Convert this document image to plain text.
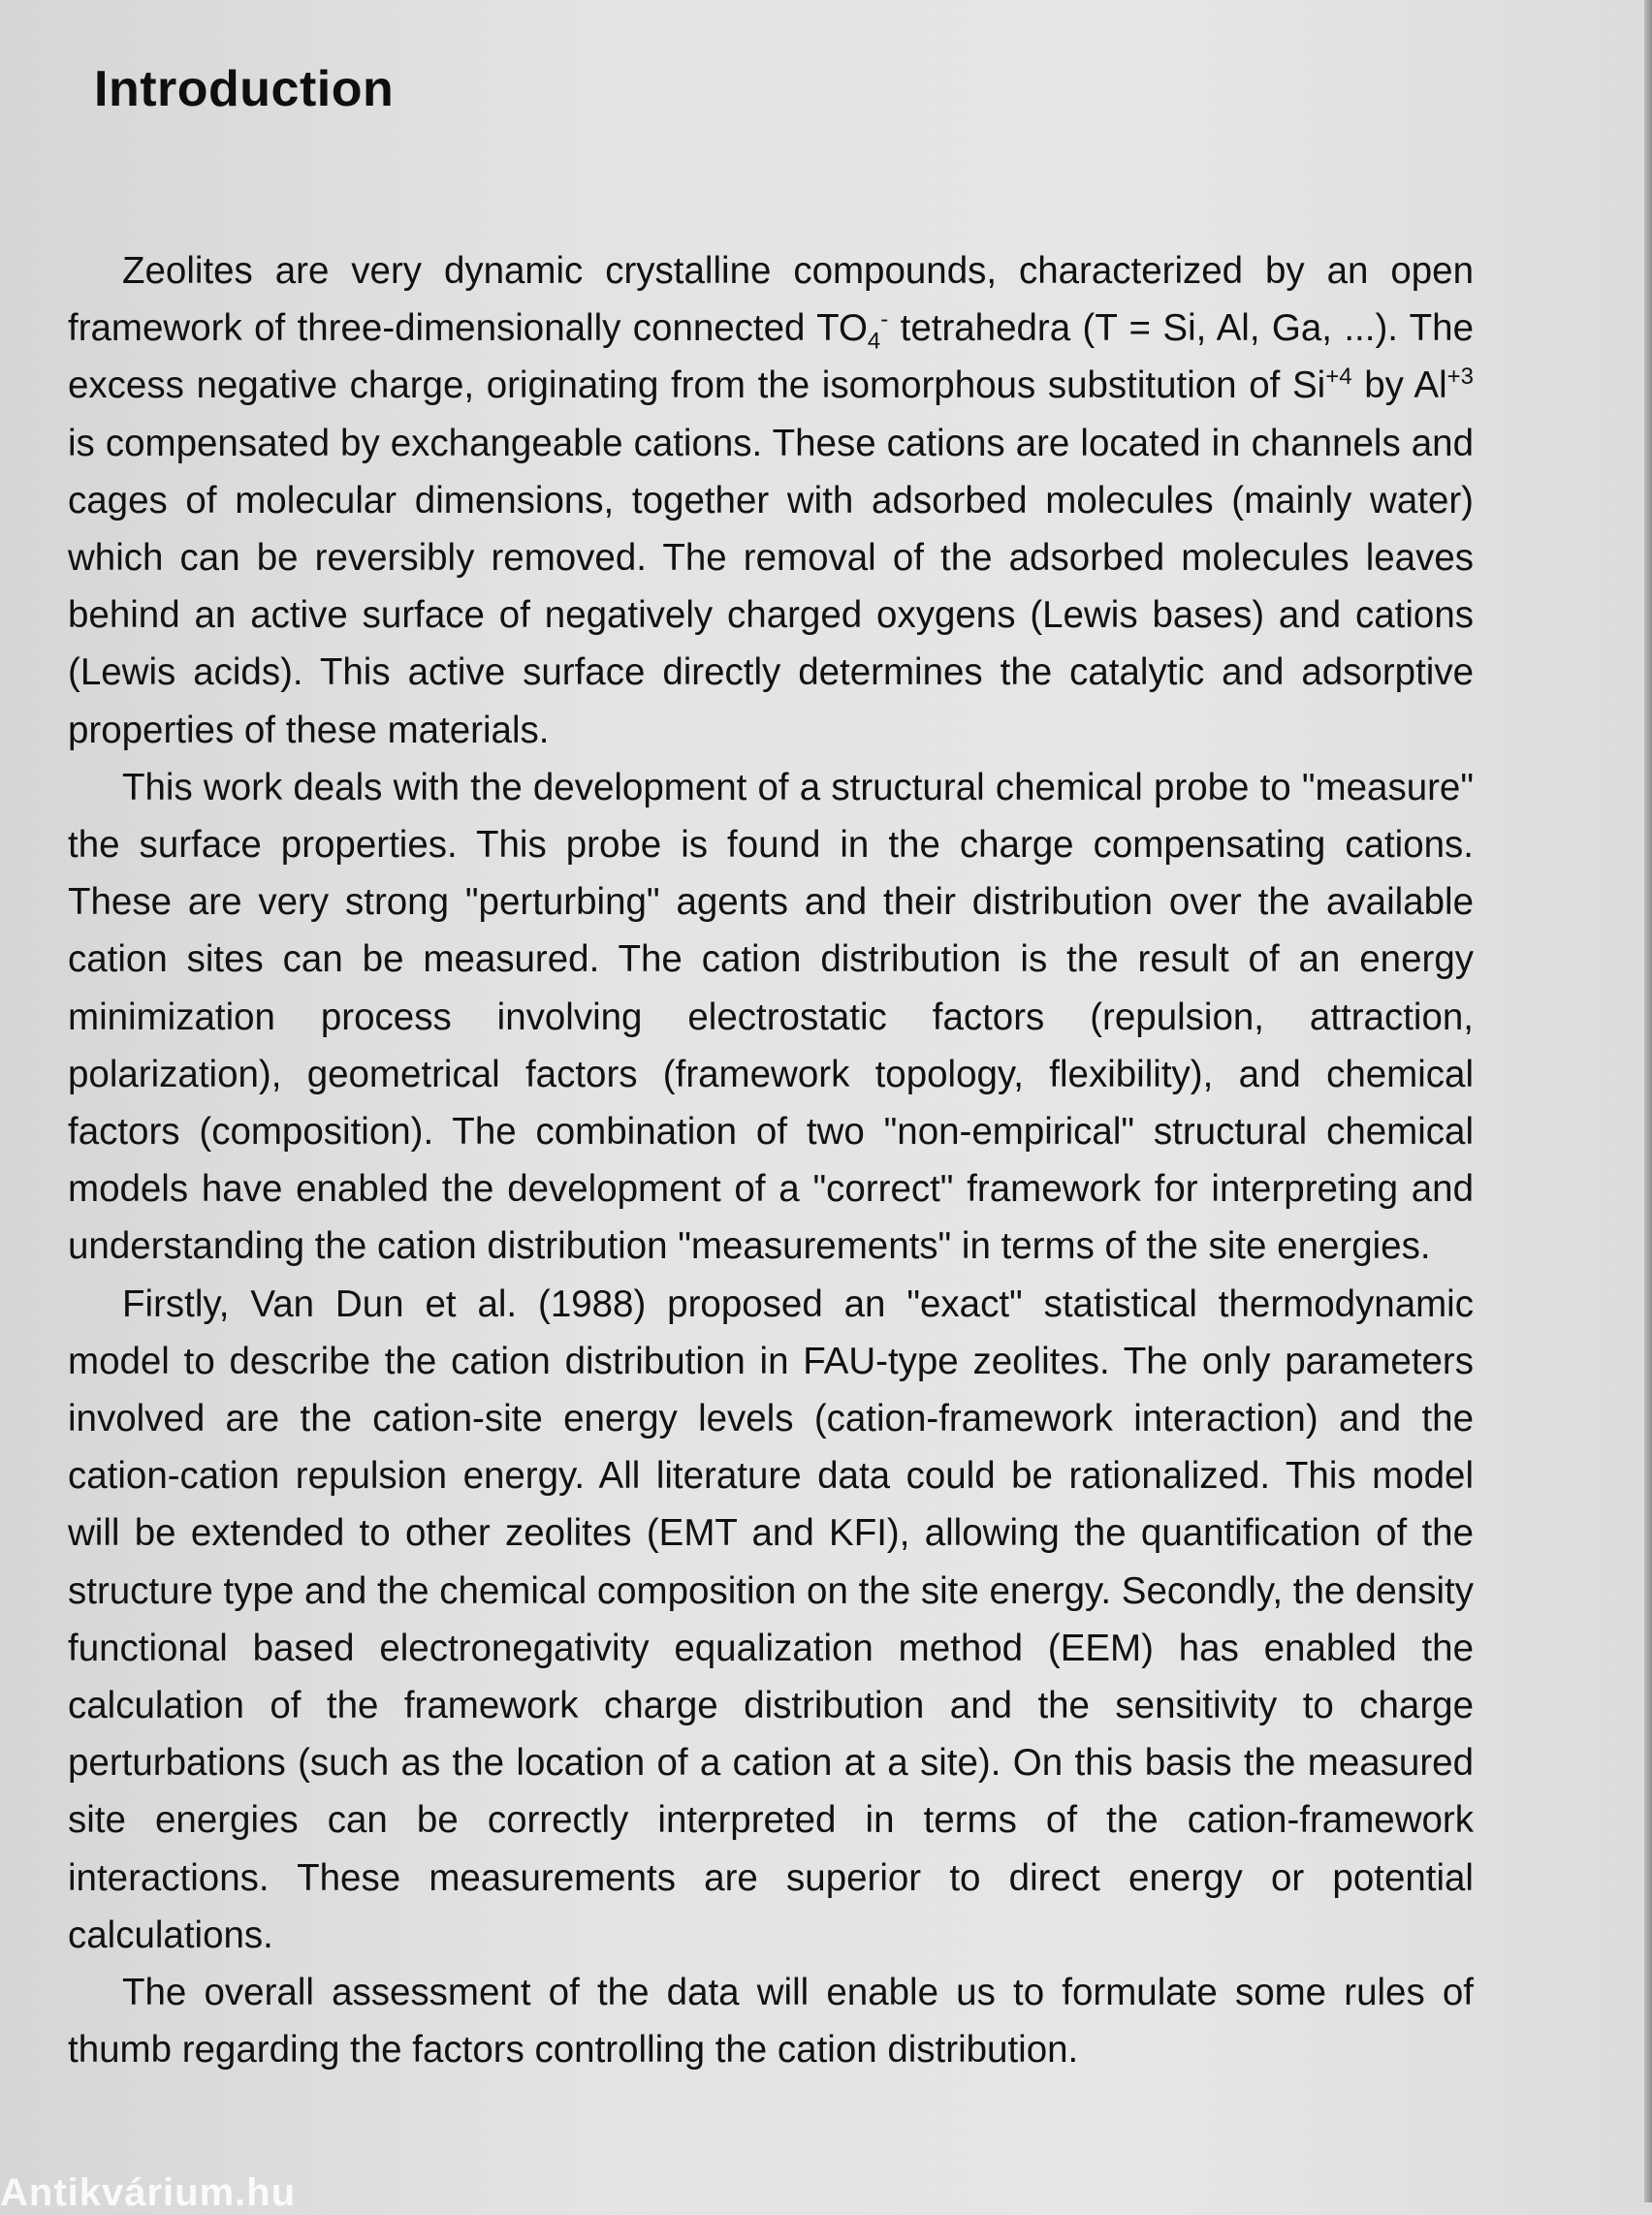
Introduction

Zeolites are very dynamic crystalline compounds, characterized by an open framework of three-dimensionally connected $TO_4^-$ tetrahedra (T = Si, Al, Ga, ...). The excess negative charge, originating from the isomorphous substitution of $Si^{+4}$ by $Al^{+3}$ is compensated by exchangeable cations. These cations are located in channels and cages of molecular dimensions, together with adsorbed molecules (mainly water) which can be reversibly removed. The removal of the adsorbed molecules leaves behind an active surface of negatively charged oxygens (Lewis bases) and cations (Lewis acids). This active surface directly determines the catalytic and adsorptive properties of these materials.

This work deals with the development of a structural chemical probe to "measure" the surface properties. This probe is found in the charge compensating cations. These are very strong "perturbing" agents and their distribution over the available cation sites can be measured. The cation distribution is the result of an energy minimization process involving electrostatic factors (repulsion, attraction, polarization), geometrical factors (framework topology, flexibility), and chemical factors (composition). The combination of two "non-empirical" structural chemical models have enabled the development of a "correct" framework for interpreting and understanding the cation distribution "measurements" in terms of the site energies.

Firstly, Van Dun et al. (1988) proposed an "exact" statistical thermodynamic model to describe the cation distribution in FAU-type zeolites. The only parameters involved are the cation-site energy levels (cation-framework interaction) and the cation-cation repulsion energy. All literature data could be rationalized. This model will be extended to other zeolites (EMT and KFI), allowing the quantification of the structure type and the chemical composition on the site energy. Secondly, the density functional based electronegativity equalization method (EEM) has enabled the calculation of the framework charge distribution and the sensitivity to charge perturbations (such as the location of a cation at a site). On this basis the measured site energies can be correctly interpreted in terms of the cation-framework interactions. These measurements are superior to direct energy or potential calculations.

The overall assessment of the data will enable us to formulate some rules of thumb regarding the factors controlling the cation distribution.

Antikvárium.hu
